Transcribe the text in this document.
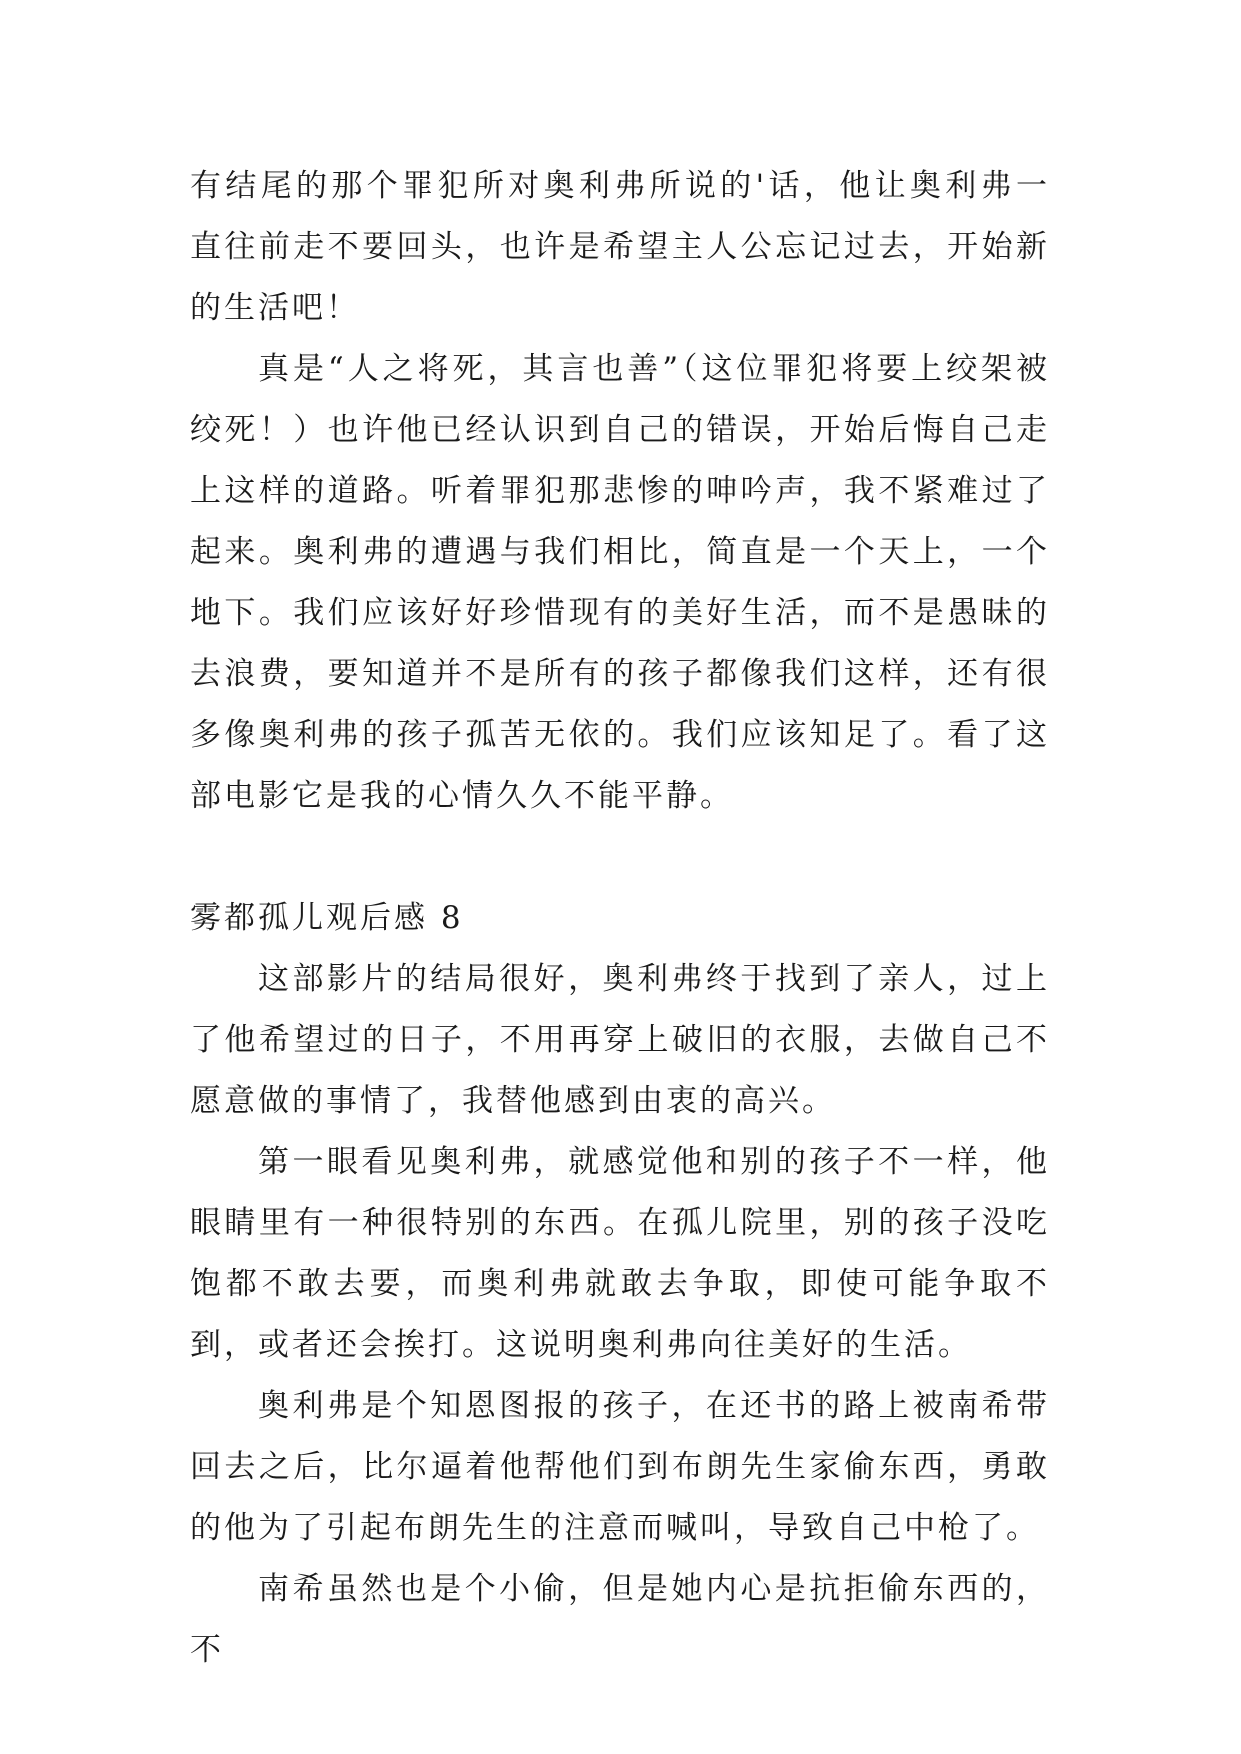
有结尾的那个罪犯所对奥利弗所说的'话，他让奥利弗一直往前走不要回头，也许是希望主人公忘记过去，开始新的生活吧！

真是“人之将死，其言也善”（这位罪犯将要上绞架被绞死！）也许他已经认识到自己的错误，开始后悔自己走上这样的道路。听着罪犯那悲惨的呻吟声，我不紧难过了起来。奥利弗的遭遇与我们相比，简直是一个天上，一个地下。我们应该好好珍惜现有的美好生活，而不是愚昧的去浪费，要知道并不是所有的孩子都像我们这样，还有很多像奥利弗的孩子孤苦无依的。我们应该知足了。看了这部电影它是我的心情久久不能平静。

雾都孤儿观后感 8

这部影片的结局很好，奥利弗终于找到了亲人，过上了他希望过的日子，不用再穿上破旧的衣服，去做自己不愿意做的事情了，我替他感到由衷的高兴。

第一眼看见奥利弗，就感觉他和别的孩子不一样，他眼睛里有一种很特别的东西。在孤儿院里，别的孩子没吃饱都不敢去要，而奥利弗就敢去争取，即使可能争取不到，或者还会挨打。这说明奥利弗向往美好的生活。

奥利弗是个知恩图报的孩子，在还书的路上被南希带回去之后，比尔逼着他帮他们到布朗先生家偷东西，勇敢的他为了引起布朗先生的注意而喊叫，导致自己中枪了。

南希虽然也是个小偷，但是她内心是抗拒偷东西的，不
